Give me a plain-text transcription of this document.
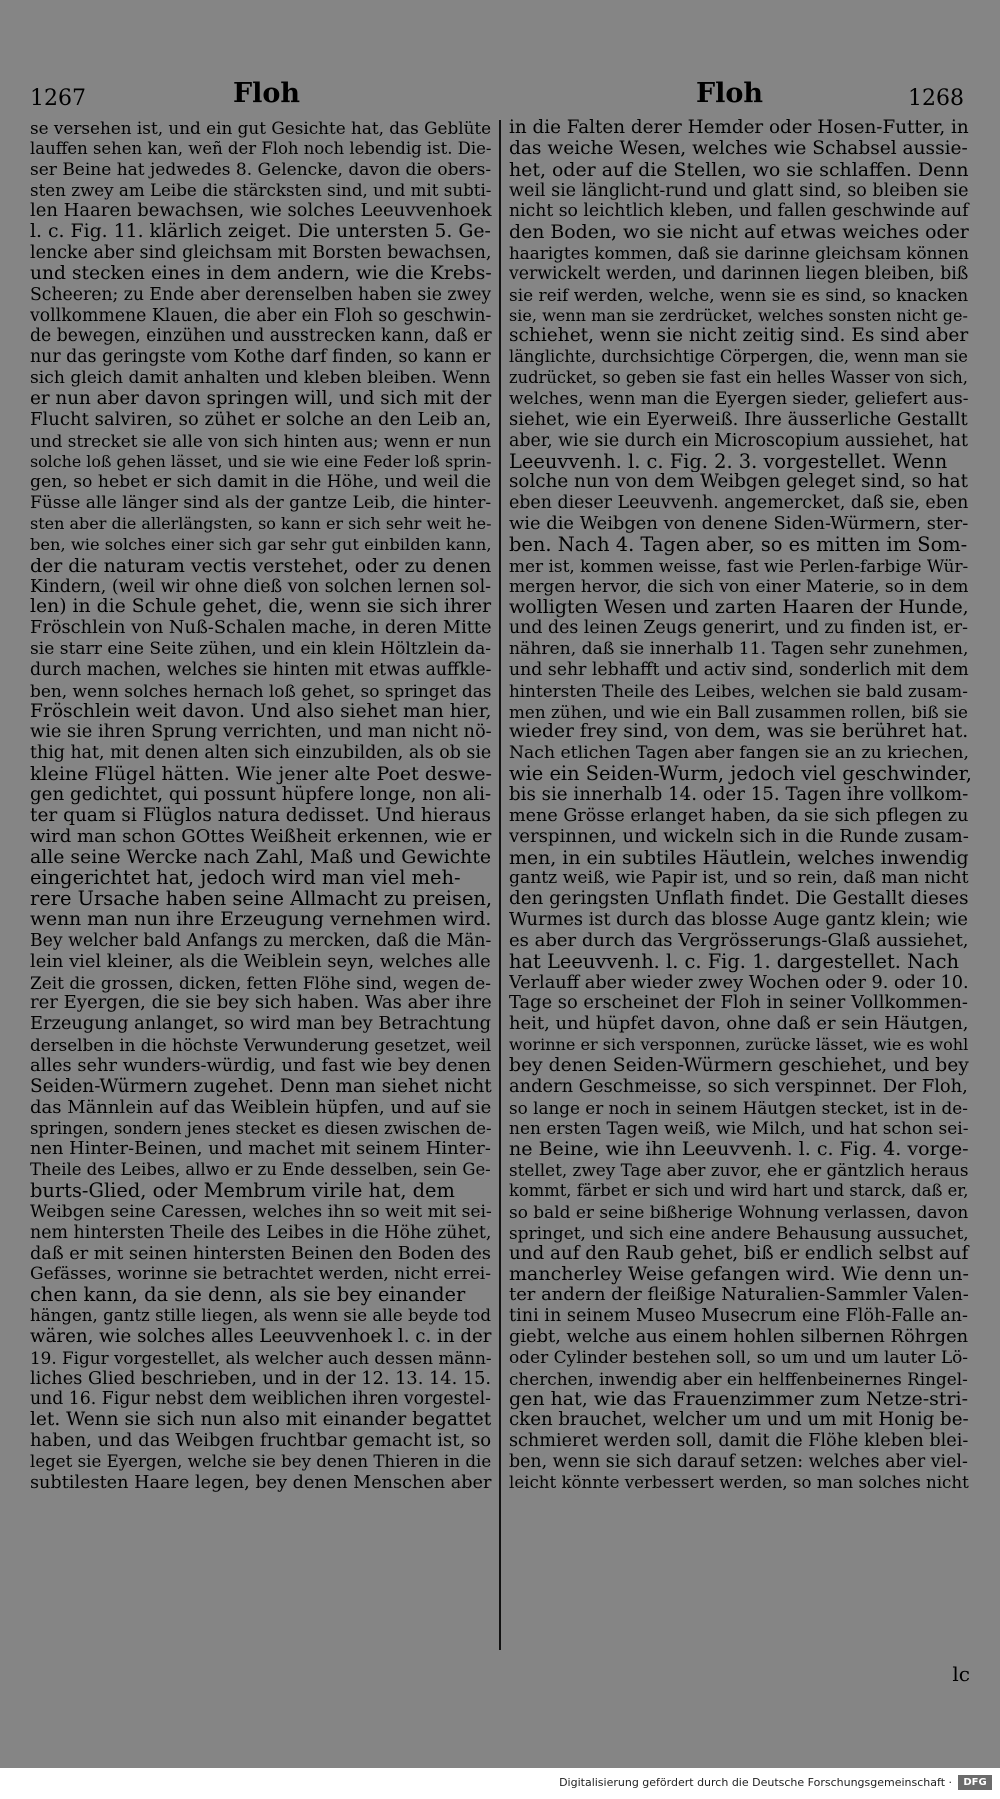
1267	Floh	Floh	1268
se versehen ist, und ein gut Gesichte hat, das Geblüte
lauffen sehen kan, weñ der Floh noch lebendig ist. Die-
ser Beine hat jedwedes 8. Gelencke, davon die obers-
sten zwey am Leibe die stärcksten sind, und mit subti-
len Haaren bewachsen, wie solches Leeuvvenhoek
l. c. Fig. 11. klärlich zeiget. Die untersten 5. Ge-
lencke aber sind gleichsam mit Borsten bewachsen,
und stecken eines in dem andern, wie die Krebs-
Scheeren; zu Ende aber derenselben haben sie zwey
vollkommene Klauen, die aber ein Floh so geschwin-
de bewegen, einzühen und ausstrecken kann, daß er
nur das geringste vom Kothe darf finden, so kann er
sich gleich damit anhalten und kleben bleiben. Wenn
er nun aber davon springen will, und sich mit der
Flucht salviren, so zühet er solche an den Leib an,
und strecket sie alle von sich hinten aus; wenn er nun
solche loß gehen lässet, und sie wie eine Feder loß sprin-
gen, so hebet er sich damit in die Höhe, und weil die
Füsse alle länger sind als der gantze Leib, die hinter-
sten aber die allerlängsten, so kann er sich sehr weit he-
ben, wie solches einer sich gar sehr gut einbilden kann,
der die naturam vectis verstehet, oder zu denen
Kindern, (weil wir ohne dieß von solchen lernen sol-
len) in die Schule gehet, die, wenn sie sich ihrer
Fröschlein von Nuß-Schalen mache, in deren Mitte
sie starr eine Seite zühen, und ein klein Höltzlein da-
durch machen, welches sie hinten mit etwas auffkle-
ben, wenn solches hernach loß gehet, so springet das
Fröschlein weit davon. Und also siehet man hier,
wie sie ihren Sprung verrichten, und man nicht nö-
thig hat, mit denen alten sich einzubilden, als ob sie
kleine Flügel hätten. Wie jener alte Poet deswe-
gen gedichtet, qui possunt hüpfere longe, non ali-
ter quam si Flüglos natura dedisset. Und hieraus
wird man schon GOttes Weißheit erkennen, wie er
alle seine Wercke nach Zahl, Maß und Gewichte
eingerichtet hat, jedoch wird man viel meh-
rere Ursache haben seine Allmacht zu preisen,
wenn man nun ihre Erzeugung vernehmen wird.
Bey welcher bald Anfangs zu mercken, daß die Män-
lein viel kleiner, als die Weiblein seyn, welches alle
Zeit die grossen, dicken, fetten Flöhe sind, wegen de-
rer Eyergen, die sie bey sich haben. Was aber ihre
Erzeugung anlanget, so wird man bey Betrachtung
derselben in die höchste Verwunderung gesetzet, weil
alles sehr wunders-würdig, und fast wie bey denen
Seiden-Würmern zugehet. Denn man siehet nicht
das Männlein auf das Weiblein hüpfen, und auf sie
springen, sondern jenes stecket es diesen zwischen de-
nen Hinter-Beinen, und machet mit seinem Hinter-
Theile des Leibes, allwo er zu Ende desselben, sein Ge-
burts-Glied, oder Membrum virile hat, dem
Weibgen seine Caressen, welches ihn so weit mit sei-
nem hintersten Theile des Leibes in die Höhe zühet,
daß er mit seinen hintersten Beinen den Boden des
Gefässes, worinne sie betrachtet werden, nicht errei-
chen kann, da sie denn, als sie bey einander
hängen, gantz stille liegen, als wenn sie alle beyde tod
wären, wie solches alles Leeuvvenhoek l. c. in der
19. Figur vorgestellet, als welcher auch dessen männ-
liches Glied beschrieben, und in der 12. 13. 14. 15.
und 16. Figur nebst dem weiblichen ihren vorgestel-
let. Wenn sie sich nun also mit einander begattet
haben, und das Weibgen fruchtbar gemacht ist, so
leget sie Eyergen, welche sie bey denen Thieren in die
subtilesten Haare legen, bey denen Menschen aber
in die Falten derer Hemder oder Hosen-Futter, in
das weiche Wesen, welches wie Schabsel aussie-
het, oder auf die Stellen, wo sie schlaffen. Denn
weil sie länglicht-rund und glatt sind, so bleiben sie
nicht so leichtlich kleben, und fallen geschwinde auf
den Boden, wo sie nicht auf etwas weiches oder
haarigtes kommen, daß sie darinne gleichsam können
verwickelt werden, und darinnen liegen bleiben, biß
sie reif werden, welche, wenn sie es sind, so knacken
sie, wenn man sie zerdrücket, welches sonsten nicht ge-
schiehet, wenn sie nicht zeitig sind. Es sind aber
länglichte, durchsichtige Cörpergen, die, wenn man sie
zudrücket, so geben sie fast ein helles Wasser von sich,
welches, wenn man die Eyergen sieder, geliefert aus-
siehet, wie ein Eyerweiß. Ihre äusserliche Gestallt
aber, wie sie durch ein Microscopium aussiehet, hat
Leeuvvenh. l. c. Fig. 2. 3. vorgestellet. Wenn
solche nun von dem Weibgen geleget sind, so hat
eben dieser Leeuvvenh. angemercket, daß sie, eben
wie die Weibgen von denene Siden-Würmern, ster-
ben. Nach 4. Tagen aber, so es mitten im Som-
mer ist, kommen weisse, fast wie Perlen-farbige Wür-
mergen hervor, die sich von einer Materie, so in dem
wolligten Wesen und zarten Haaren der Hunde,
und des leinen Zeugs generirt, und zu finden ist, er-
nähren, daß sie innerhalb 11. Tagen sehr zunehmen,
und sehr lebhafft und activ sind, sonderlich mit dem
hintersten Theile des Leibes, welchen sie bald zusam-
men zühen, und wie ein Ball zusammen rollen, biß sie
wieder frey sind, von dem, was sie berühret hat.
Nach etlichen Tagen aber fangen sie an zu kriechen,
wie ein Seiden-Wurm, jedoch viel geschwinder,
bis sie innerhalb 14. oder 15. Tagen ihre vollkom-
mene Grösse erlanget haben, da sie sich pflegen zu
verspinnen, und wickeln sich in die Runde zusam-
men, in ein subtiles Häutlein, welches inwendig
gantz weiß, wie Papir ist, und so rein, daß man nicht
den geringsten Unflath findet. Die Gestallt dieses
Wurmes ist durch das blosse Auge gantz klein; wie
es aber durch das Vergrösserungs-Glaß aussiehet,
hat Leeuvvenh. l. c. Fig. 1. dargestellet. Nach
Verlauff aber wieder zwey Wochen oder 9. oder 10.
Tage so erscheinet der Floh in seiner Vollkommen-
heit, und hüpfet davon, ohne daß er sein Häutgen,
worinne er sich versponnen, zurücke lässet, wie es wohl
bey denen Seiden-Würmern geschiehet, und bey
andern Geschmeisse, so sich verspinnet. Der Floh,
so lange er noch in seinem Häutgen stecket, ist in de-
nen ersten Tagen weiß, wie Milch, und hat schon sei-
ne Beine, wie ihn Leeuvvenh. l. c. Fig. 4. vorge-
stellet, zwey Tage aber zuvor, ehe er gäntzlich heraus
kommt, färbet er sich und wird hart und starck, daß er,
so bald er seine bißherige Wohnung verlassen, davon
springet, und sich eine andere Behausung aussuchet,
und auf den Raub gehet, biß er endlich selbst auf
mancherley Weise gefangen wird. Wie denn un-
ter andern der fleißige Naturalien-Sammler Valen-
tini in seinem Museo Musecrum eine Flöh-Falle an-
giebt, welche aus einem hohlen silbernen Röhrgen
oder Cylinder bestehen soll, so um und um lauter Lö-
cherchen, inwendig aber ein helffenbeinernes Ringel-
gen hat, wie das Frauenzimmer zum Netze-stri-
cken brauchet, welcher um und um mit Honig be-
schmieret werden soll, damit die Flöhe kleben blei-
ben, wenn sie sich darauf setzen: welches aber viel-
leicht könnte verbessert werden, so man solches nicht
lc
Digitalisierung gefördert durch die Deutsche Forschungsgemeinschaft ·	DFG
